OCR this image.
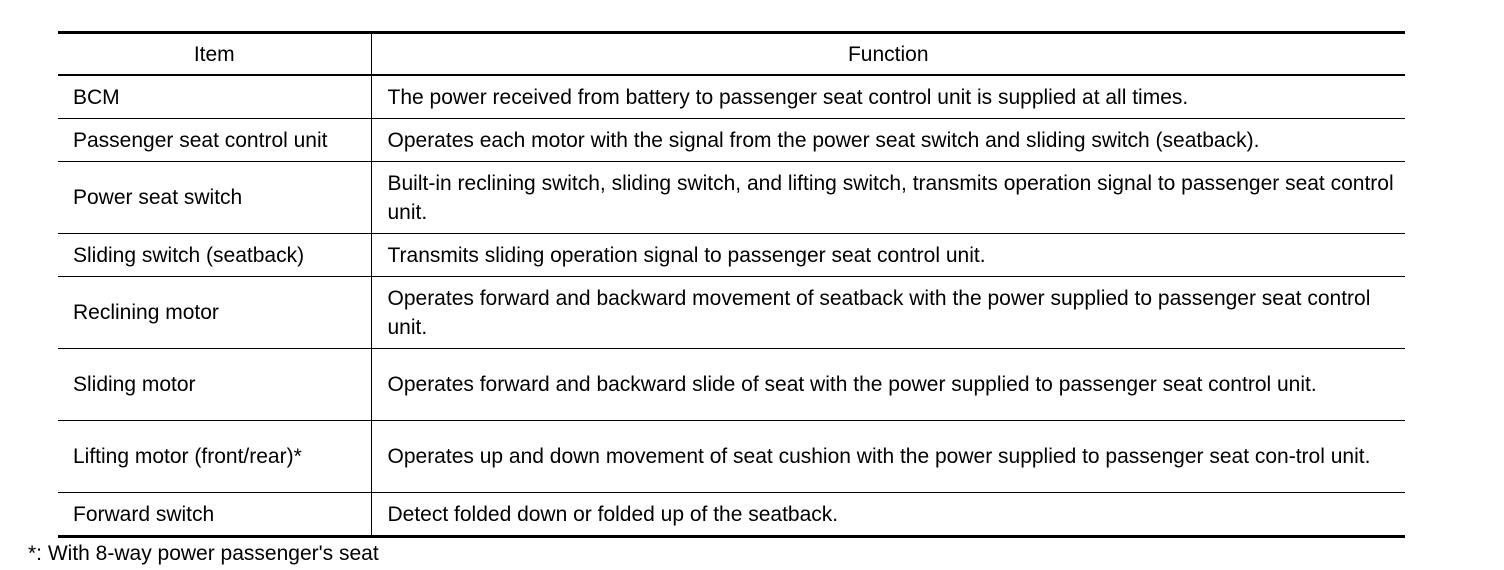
Item	Function
BCM	The power received from battery to passenger seat control unit is supplied at all times.
Passenger seat control unit	Operates each motor with the signal from the power seat switch and sliding switch (seatback).
Power seat switch	Built-in reclining switch, sliding switch, and lifting switch, transmits operation signal to passenger seat control unit.
Sliding switch (seatback)	Transmits sliding operation signal to passenger seat control unit.
Reclining motor	Operates forward and backward movement of seatback with the power supplied to passenger seat control unit.
Sliding motor	Operates forward and backward slide of seat with the power supplied to passenger seat control unit.
Lifting motor (front/rear)*	Operates up and down movement of seat cushion with the power supplied to passenger seat con-trol unit.
Forward switch	Detect folded down or folded up of the seatback.

*: With 8-way power passenger's seat
